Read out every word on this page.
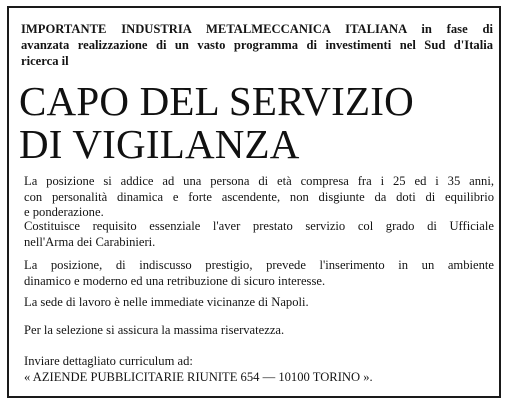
IMPORTANTE INDUSTRIA METALMECCANICA ITALIANA in fase di
avanzata realizzazione di un vasto programma di investimenti nel Sud d'Italia
ricerca il

CAPO DEL SERVIZIO
DI VIGILANZA

La posizione si addice ad una persona di età compresa fra i 25 ed i 35 anni,
con personalità dinamica e forte ascendente, non disgiunte da doti di equilibrio
e ponderazione.

Costituisce requisito essenziale l'aver prestato servizio col grado di Ufficiale
nell'Arma dei Carabinieri.

La posizione, di indiscusso prestigio, prevede l'inserimento in un ambiente
dinamico e moderno ed una retribuzione di sicuro interesse.

La sede di lavoro è nelle immediate vicinanze di Napoli.

Per la selezione si assicura la massima riservatezza.

Inviare dettagliato curriculum ad:
« AZIENDE PUBBLICITARIE RIUNITE 654 — 10100 TORINO ».
